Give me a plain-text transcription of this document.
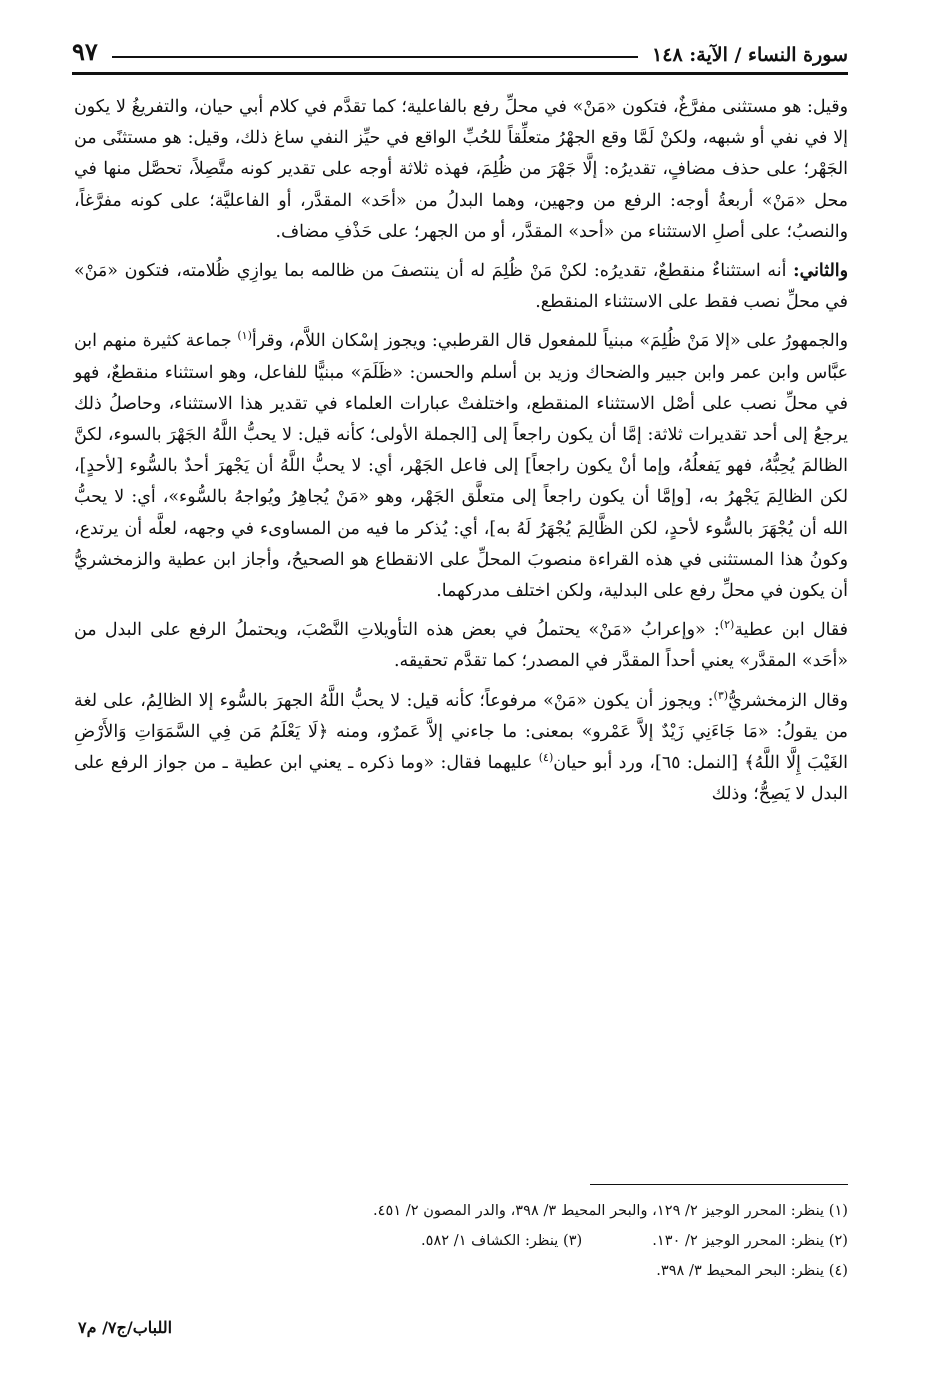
سورة النساء / الآية: ١٤٨
٩٧

وقيل: هو مستثنى مفرَّغٌ، فتكون «مَنْ» في محلِّ رفع بالفاعلية؛ كما تقدَّم في كلام أبي حيان، والتفريغُ لا يكون إلا في نفي أو شبهه، ولكنْ لَمَّا وقع الجهْرُ متعلِّقاً للحُبِّ الواقع في حيِّز النفي ساغ ذلك، وقيل: هو مستثنًى من الجَهْر؛ على حذف مضافٍ، تقديرُه: إلَّا جَهْرَ من ظُلِمَ، فهذه ثلاثة أوجه على تقدير كونه متَّصِلاً، تحصَّل منها في محل «مَنْ» أربعةُ أوجه: الرفع من وجهين، وهما البدلُ من «أحَد» المقدَّر، أو الفاعليَّة؛ على كونه مفرَّغاً، والنصبُ؛ على أصلِ الاستثناء من «أحد» المقدَّر، أو من الجهر؛ على حَذْفِ مضاف.

والثاني: أنه استثناءٌ منقطعٌ، تقديرُه: لكنْ مَنْ ظُلِمَ له أن ينتصفَ من ظالمه بما يوازِي ظُلامته، فتكون «مَنْ» في محلِّ نصب فقط على الاستثناء المنقطع.

والجمهورُ على «إلا مَنْ ظُلِمَ» مبنياً للمفعول قال القرطبي: ويجوز إسْكان اللاَّم، وقرأ$^{(١)}$ جماعة كثيرة منهم ابن عبَّاس وابن عمر وابن جبير والضحاك وزيد بن أسلم والحسن: «ظَلَمَ» مبنيًّا للفاعل، وهو استثناء منقطعٌ، فهو في محلِّ نصب على أصْل الاستثناء المنقطع، واختلفتْ عبارات العلماء في تقدير هذا الاستثناء، وحاصلُ ذلك يرجعُ إلى أحد تقديرات ثلاثة: إمَّا أن يكون راجعاً إلى [الجملة الأولى؛ كأنه قيل: لا يحبُّ اللَّهُ الجَهْرَ بالسوء، لكنَّ الظالمَ يُحِبُّهُ، فهو يَفعلُهُ، وإما أنْ يكون راجعاً] إلى فاعل الجَهْر، أي: لا يحبُّ اللَّهُ أن يَجْهرَ أحدٌ بالسُّوء [لأحدٍ]، لكن الظالِمَ يَجْهرُ به، [وإمَّا أن يكون راجعاً إلى متعلَّق الجَهْر، وهو «مَنْ يُجاهِرُ ويُواجهُ بالسُّوء»، أي: لا يحبُّ الله أن يُجْهَرَ بالسُّوء لأحدٍ، لكن الظَّالِمَ يُجْهَرُ لَهُ به]، أي: يُذكر ما فيه من المساوىء في وجهه، لعلَّه أن يرتدع، وكونُ هذا المستثنى في هذه القراءة منصوبَ المحلِّ على الانقطاع هو الصحيحُ، وأجاز ابن عطية والزمخشريُّ أن يكون في محلِّ رفع على البدلية، ولكن اختلف مدركهما.

فقال ابن عطية$^{(٢)}$: «وإعرابُ «مَنْ» يحتملُ في بعض هذه التأويلاتِ النَّصْبَ، ويحتملُ الرفع على البدل من «أحَد» المقدَّر» يعني أحداً المقدَّر في المصدر؛ كما تقدَّم تحقيقه.

وقال الزمخشريُّ$^{(٣)}$: ويجوز أن يكون «مَنْ» مرفوعاً؛ كأنه قيل: لا يحبُّ اللَّهُ الجهرَ بالسُّوء إلا الظالِمُ، على لغة من يقولُ: «مَا جَاءَنِي زَيْدٌ إلاَّ عَمْرو» بمعنى: ما جاءني إلاَّ عَمرٌو، ومنه ﴿لَا يَعْلَمُ مَن فِي السَّمَوَاتِ وَالأَرْضِ الغَيْبَ إِلَّا اللَّهُ﴾ [النمل: ٦٥]، ورد أبو حيان$^{(٤)}$ عليهما فقال: «وما ذكره ـ يعني ابن عطية ـ من جواز الرفع على البدل لا يَصِحُّ؛ وذلك

(١) ينظر: المحرر الوجيز ٢/ ١٢٩، والبحر المحيط ٣/ ٣٩٨، والدر المصون ٢/ ٤٥١.

(٢) ينظر: المحرر الوجيز ٢/ ١٣٠.
(٣) ينظر: الكشاف ١/ ٥٨٢.

(٤) ينظر: البحر المحيط ٣/ ٣٩٨.

اللباب/ج٧/ م٧
